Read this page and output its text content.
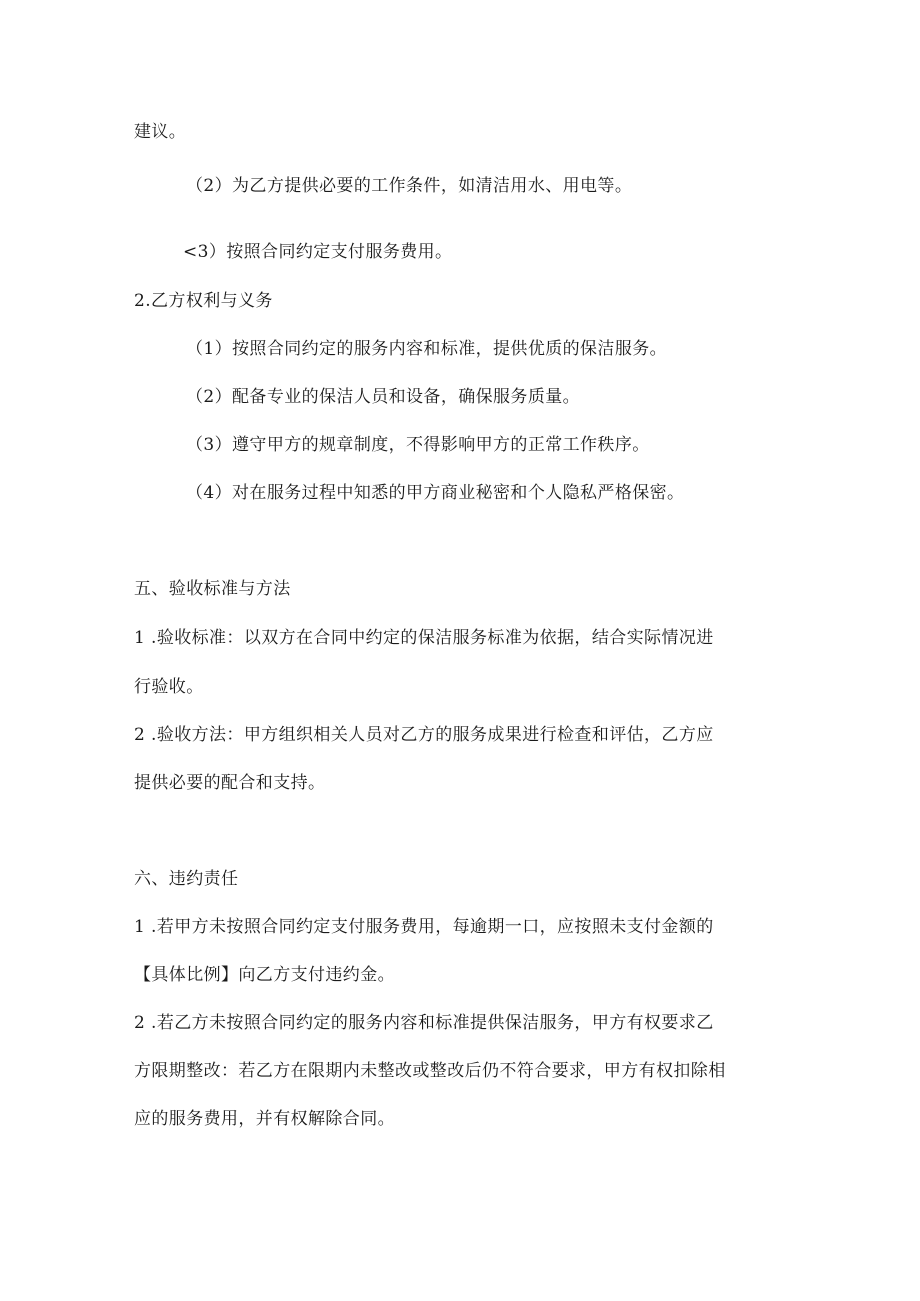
建议。
（2）为乙方提供必要的工作条件，如清洁用水、用电等。
<3）按照合同约定支付服务费用。
2.乙方权利与义务
（1）按照合同约定的服务内容和标准，提供优质的保洁服务。
（2）配备专业的保洁人员和设备，确保服务质量。
（3）遵守甲方的规章制度，不得影响甲方的正常工作秩序。
（4）对在服务过程中知悉的甲方商业秘密和个人隐私严格保密。
五、验收标准与方法
1 .验收标准：以双方在合同中约定的保洁服务标准为依据，结合实际情况进
行验收。
2 .验收方法：甲方组织相关人员对乙方的服务成果进行检查和评估，乙方应
提供必要的配合和支持。
六、违约责任
1 .若甲方未按照合同约定支付服务费用，每逾期一口，应按照未支付金额的
【具体比例】向乙方支付违约金。
2 .若乙方未按照合同约定的服务内容和标准提供保洁服务，甲方有权要求乙
方限期整改：若乙方在限期内未整改或整改后仍不符合要求，甲方有权扣除相
应的服务费用，并有权解除合同。
